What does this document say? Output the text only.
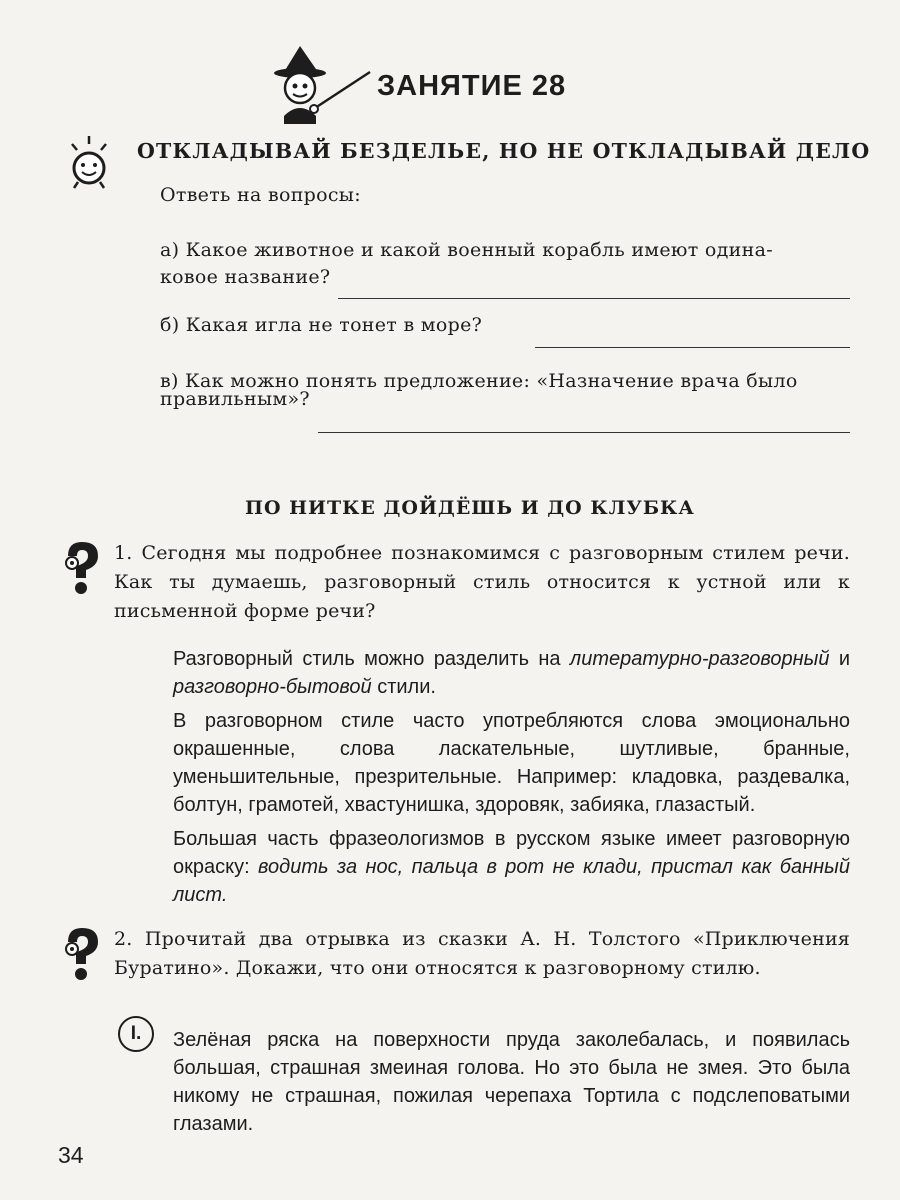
ЗАНЯТИЕ 28
ОТКЛАДЫВАЙ БЕЗДЕЛЬЕ, НО НЕ ОТКЛАДЫВАЙ ДЕЛО
Ответь на вопросы:
а) Какое животное и какой военный корабль имеют одина-
ковое название?
б) Какая игла не тонет в море?
в) Как можно понять предложение: «Назначение врача было
правильным»?
ПО НИТКЕ ДОЙДЁШЬ И ДО КЛУБКА
1. Сегодня мы подробнее познакомимся с разговорным стилем речи. Как ты думаешь, разговорный стиль относится к устной или к письменной форме речи?

Разговорный стиль можно разделить на литературно-разговорный и разговорно-бытовой стили.

В разговорном стиле часто употребляются слова эмоционально окрашенные, слова ласкательные, шутливые, бранные, уменьшительные, презрительные. Например: кладовка, раздевалка, болтун, грамотей, хвастунишка, здоровяк, забияка, глазастый.

Большая часть фразеологизмов в русском языке имеет разговорную окраску: водить за нос, пальца в рот не клади, пристал как банный лист.

2. Прочитай два отрывка из сказки А. Н. Толстого «Приключения Буратино». Докажи, что они относятся к разговорному стилю.
I.	Зелёная ряска на поверхности пруда заколебалась, и появилась большая, страшная змеиная голова. Но это была не змея. Это была никому не страшная, пожилая черепаха Тортила с подслеповатыми глазами.
34
